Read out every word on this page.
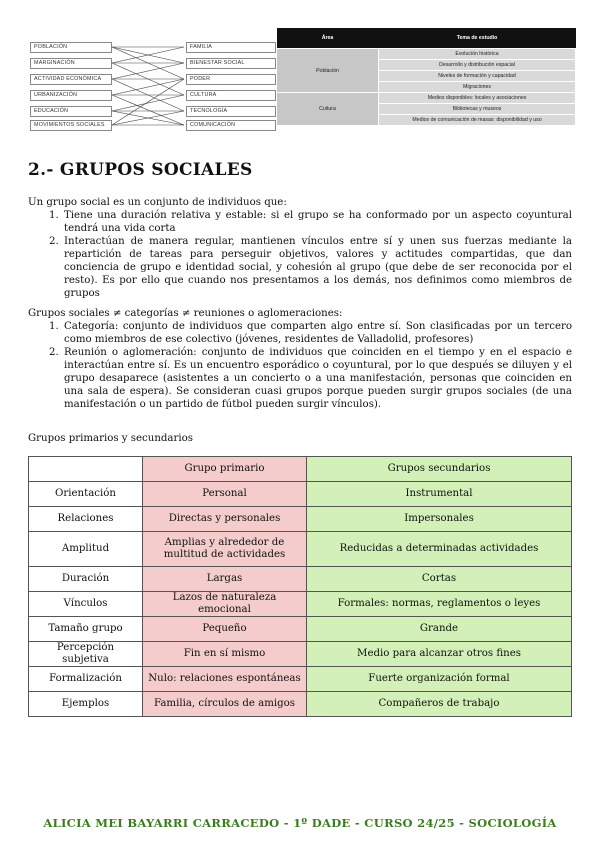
POBLACIÓN
MARGINACIÓN
ACTIVIDAD ECONÓMICA
URBANIZACIÓN
EDUCACIÓN
MOVIMIENTOS SOCIALES
FAMILIA
BIENESTAR SOCIAL
PODER
CULTURA
TECNOLOGÍA
COMUNICACIÓN
Área	Tema de estudio
Población	Evolución histórica
	Desarrollo y distribución espacial
	Niveles de formación y capacidad
	Migraciones
Cultura	Medios disponibles: locales y asociaciones
	Bibliotecas y museos
	Medios de comunicación de masas: disponibilidad y uso
2.- GRUPOS SOCIALES

Un grupo social es un conjunto de individuos que:

1. Tiene una duración relativa y estable: si el grupo se ha conformado por un aspecto coyuntural tendrá una vida corta
2. Interactúan de manera regular, mantienen vínculos entre sí y unen sus fuerzas mediante la repartición de tareas para perseguir objetivos, valores y actitudes compartidas, que dan conciencia de grupo e identidad social, y cohesión al grupo (que debe de ser reconocida por el resto). Es por ello que cuando nos presentamos a los demás, nos definimos como miembros de grupos

Grupos sociales ≠ categorías ≠ reuniones o aglomeraciones:

1. Categoría: conjunto de individuos que comparten algo entre sí. Son clasificadas por un tercero como miembros de ese colectivo (jóvenes, residentes de Valladolid, profesores)
2. Reunión o aglomeración: conjunto de individuos que coinciden en el tiempo y en el espacio e interactúan entre sí. Es un encuentro esporádico o coyuntural, por lo que después se diluyen y el grupo desaparece (asistentes a un concierto o a una manifestación, personas que coinciden en una sala de espera). Se consideran cuasi grupos porque pueden surgir grupos sociales (de una manifestación o un partido de fútbol pueden surgir vínculos).
Grupos primarios y secundarios
	Grupo primario	Grupos secundarios
Orientación	Personal	Instrumental
Relaciones	Directas y personales	Impersonales
Amplitud	Amplias y alrededor de multitud de actividades	Reducidas a determinadas actividades
Duración	Largas	Cortas
Vínculos	Lazos de naturaleza emocional	Formales: normas, reglamentos o leyes
Tamaño grupo	Pequeño	Grande
Percepción subjetiva	Fin en sí mismo	Medio para alcanzar otros fines
Formalización	Nulo: relaciones espontáneas	Fuerte organización formal
Ejemplos	Familia, círculos de amigos	Compañeros de trabajo
ALICIA MEI BAYARRI CARRACEDO - 1º DADE - CURSO 24/25 - SOCIOLOGÍA
